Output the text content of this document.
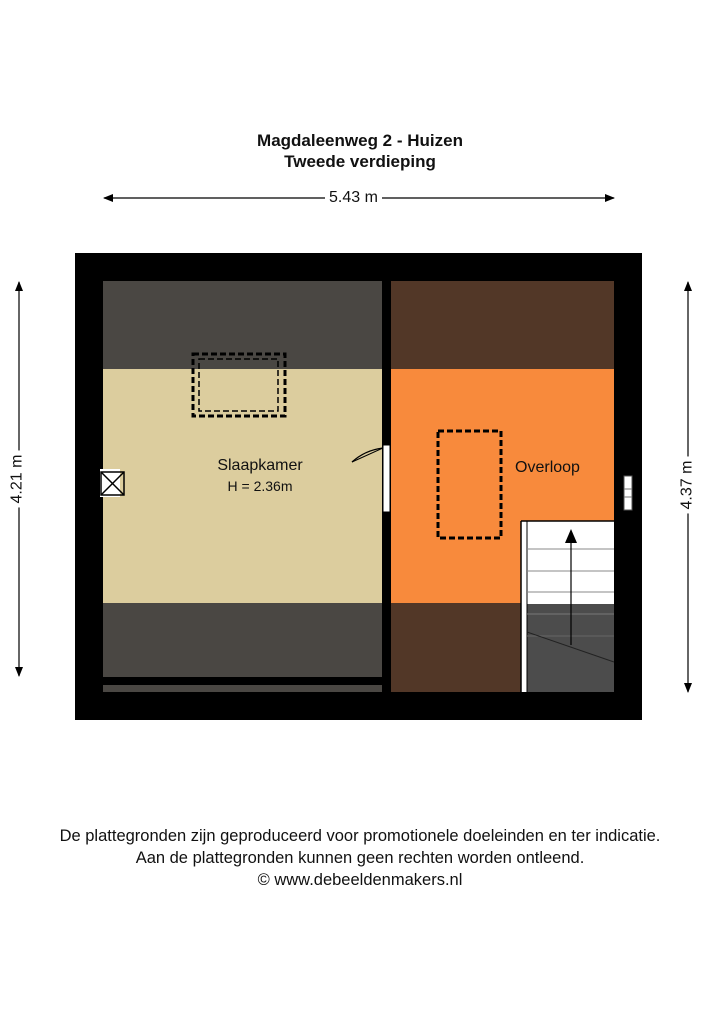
Magdaleenweg 2 - Huizen
Tweede verdieping
5.43 m
4.21 m	4.37 m
Slaapkamer
H = 2.36m
Overloop
De plattegronden zijn geproduceerd voor promotionele doeleinden en ter indicatie.
Aan de plattegronden kunnen geen rechten worden ontleend.
© www.debeeldenmakers.nl
